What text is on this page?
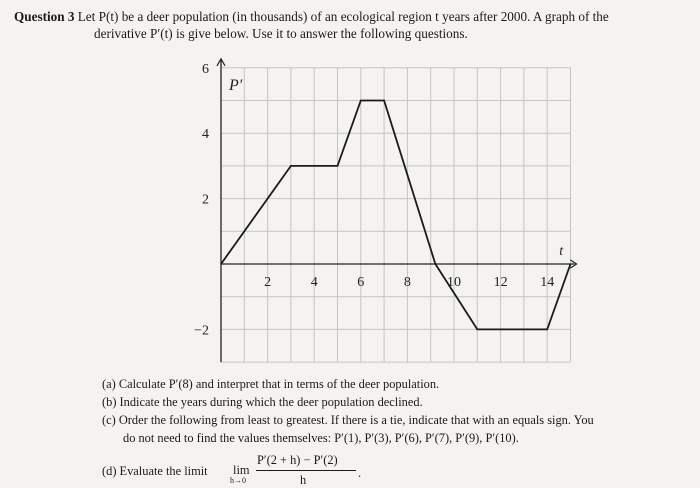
Question 3 Let P(t) be a deer population (in thousands) of an ecological region t years after 2000. A graph of the
derivative P′(t) is give below. Use it to answer the following questions.
2	4	6	8	10 12 14
6
4
2
−2
P′
t
(a) Calculate P′(8) and interpret that in terms of the deer population.
(b) Indicate the years during which the deer population declined.
(c) Order the following from least to greatest. If there is a tie, indicate that with an equals sign. You
do not need to find the values themselves: P′(1), P′(3), P′(6), P′(7), P′(9), P′(10).
(d) Evaluate the limit lim
h→0
P′(2 + h) − P′(2)
h	.
